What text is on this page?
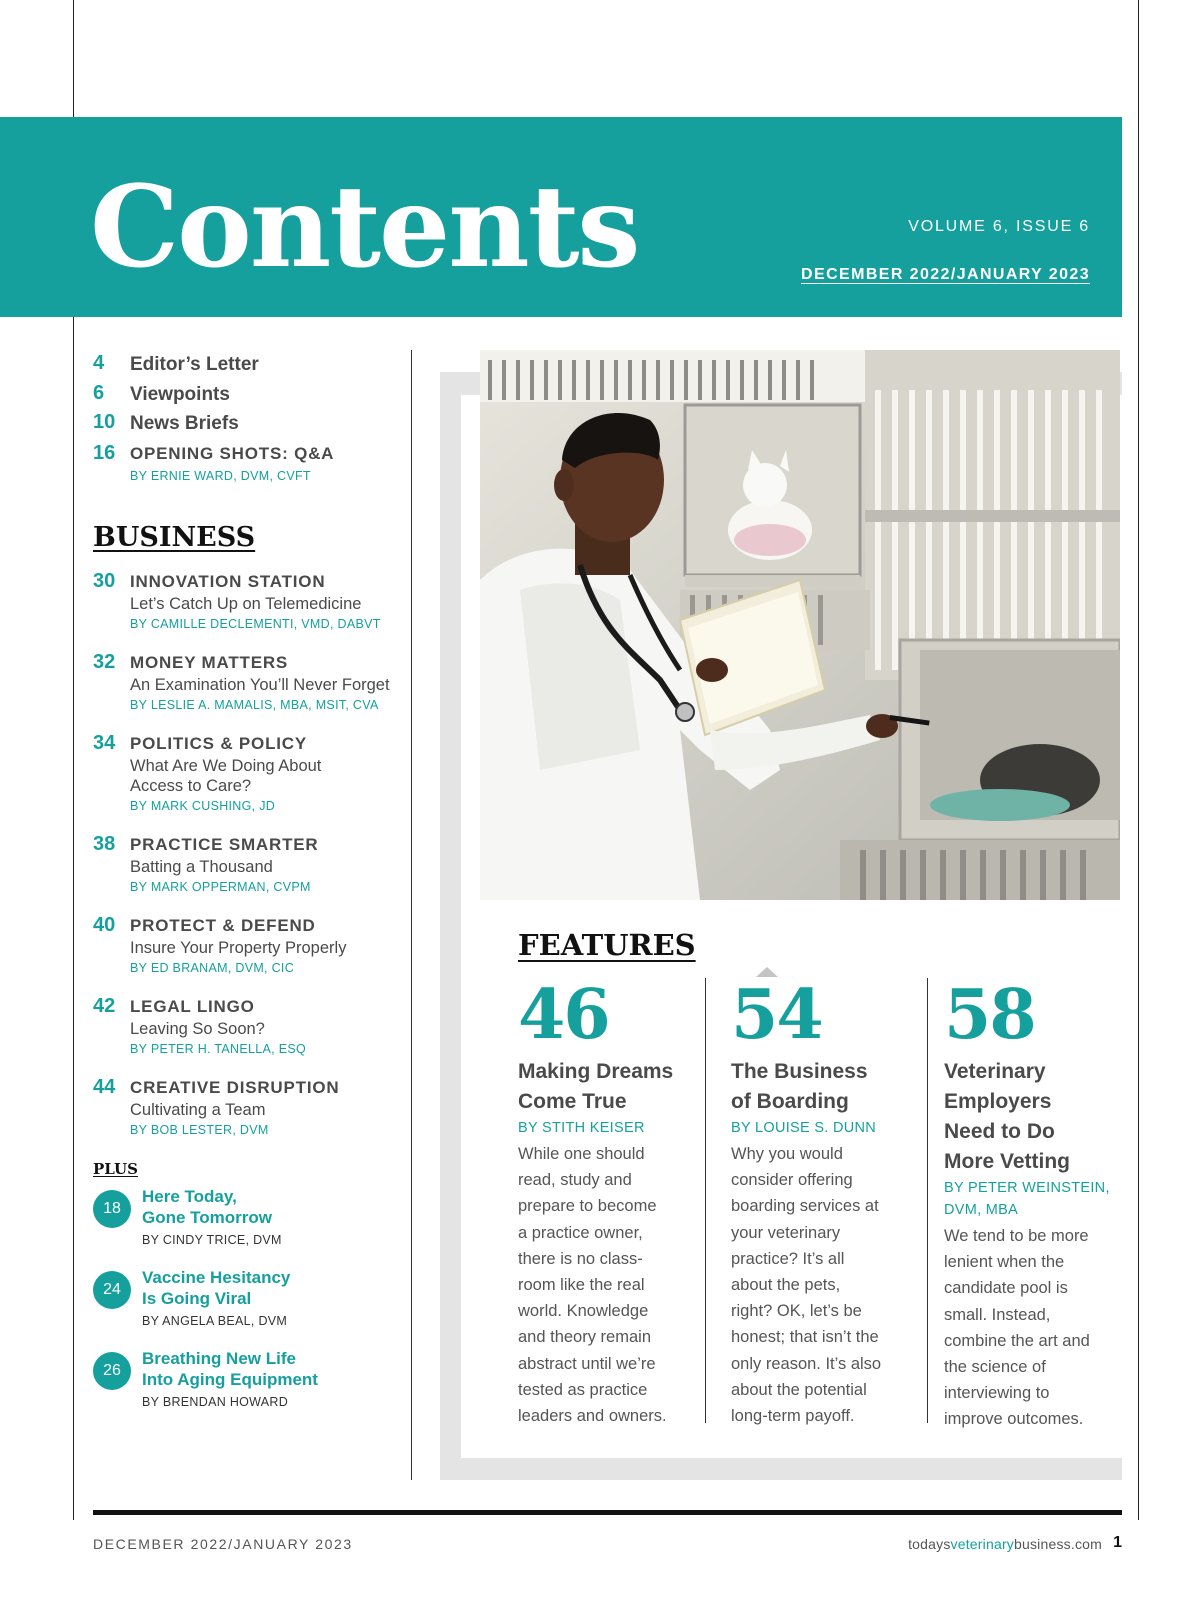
Contents	VOLUME 6, ISSUE 6
DECEMBER 2022/JANUARY 2023
4 Editor’s Letter
6 Viewpoints
10 News Briefs
16 OPENING SHOTS: Q&A
BY ERNIE WARD, DVM, CVFT
BUSINESS
30 INNOVATION STATION
Let’s Catch Up on Telemedicine
BY CAMILLE DECLEMENTI, VMD, DABVT
32 MONEY MATTERS
An Examination You’ll Never Forget
BY LESLIE A. MAMALIS, MBA, MSIT, CVA
34 POLITICS & POLICY
What Are We Doing About
Access to Care?
BY MARK CUSHING, JD
38 PRACTICE SMARTER
Batting a Thousand
BY MARK OPPERMAN, CVPM
40 PROTECT & DEFEND
Insure Your Property Properly
BY ED BRANAM, DVM, CIC
42 LEGAL LINGO
Leaving So Soon?
BY PETER H. TANELLA, ESQ
44 CREATIVE DISRUPTION
Cultivating a Team
BY BOB LESTER, DVM
PLUS
18
Here Today,
Gone Tomorrow
BY CINDY TRICE, DVM
24
Vaccine Hesitancy
Is Going Viral
BY ANGELA BEAL, DVM
26
Breathing New Life
Into Aging Equipment
BY BRENDAN HOWARD
FEATURES
46
Making Dreams
Come True
BY STITH KEISER
While one should
read, study and
prepare to become
a practice owner,
there is no class-
room like the real
world. Knowledge
and theory remain
abstract until we’re
tested as practice
leaders and owners.
54
The Business
of Boarding
BY LOUISE S. DUNN
Why you would
consider offering
boarding services at
your veterinary
practice? It’s all
about the pets,
right? OK, let’s be
honest; that isn’t the
only reason. It’s also
about the potential
long-term payoff.
58
Veterinary
Employers
Need to Do
More Vetting
BY PETER WEINSTEIN,
DVM, MBA
We tend to be more
lenient when the
candidate pool is
small. Instead,
combine the art and
the science of
interviewing to
improve outcomes.
DECEMBER 2022/JANUARY 2023	todaysveterinarybusiness.com 1
